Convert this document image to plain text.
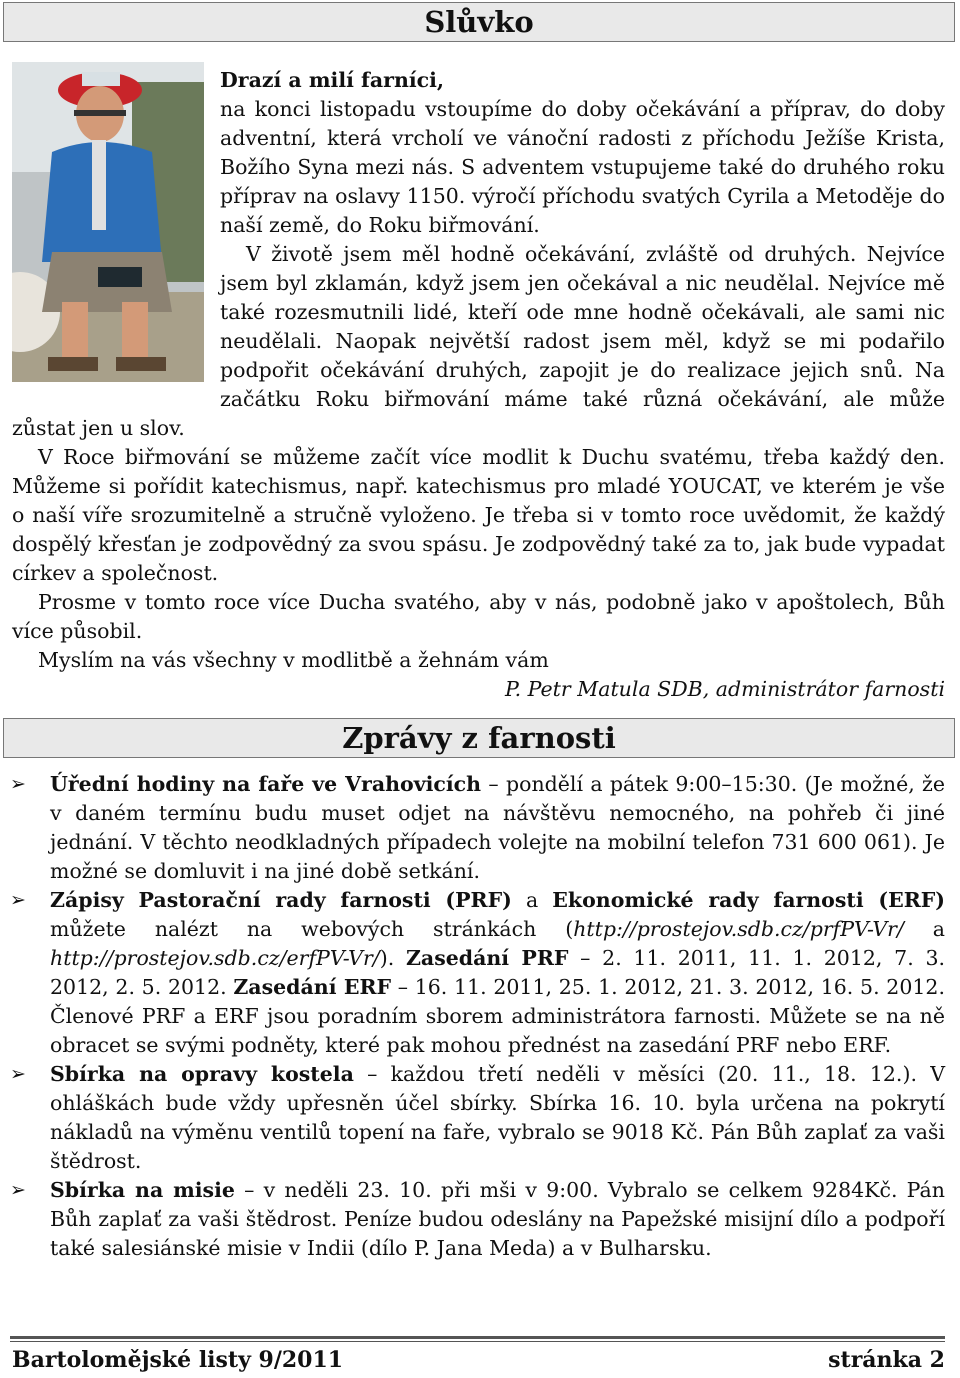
Slůvko

Drazí a milí farníci,

na konci listopadu vstoupíme do doby očekávání a příprav, do doby adventní, která vrcholí ve vánoční radosti z příchodu Ježíše Krista, Božího Syna mezi nás. S adventem vstupujeme také do druhého roku příprav na oslavy 1150. výročí příchodu svatých Cyrila a Metoděje do naší země, do Roku biřmování.

V životě jsem měl hodně očekávání, zvláště od druhých. Nejvíce jsem byl zklamán, když jsem jen očekával a nic neudělal. Nejvíce mě také rozesmutnili lidé, kteří ode mne hodně očekávali, ale sami nic neudělali. Naopak největší radost jsem měl, když se mi podařilo podpořit očekávání druhých, zapojit je do realizace jejich snů. Na začátku Roku biřmování máme také různá očekávání, ale může zůstat jen u slov.

V Roce biřmování se můžeme začít více modlit k Duchu svatému, třeba každý den. Můžeme si pořídit katechismus, např. katechismus pro mladé YOUCAT, ve kterém je vše o naší víře srozumitelně a stručně vyloženo. Je třeba si v tomto roce uvědomit, že každý dospělý křesťan je zodpovědný za svou spásu. Je zodpovědný také za to, jak bude vypadat církev a společnost.

Prosme v tomto roce více Ducha svatého, aby v nás, podobně jako v apoštolech, Bůh více působil.

Myslím na vás všechny v modlitbě a žehnám vám

P. Petr Matula SDB, administrátor farnosti

Zprávy z farnosti
➢ Úřední hodiny na faře ve Vrahovicích – pondělí a pátek 9:00–15:30. (Je možné, že v daném termínu budu muset odjet na návštěvu nemocného, na pohřeb či jiné jednání. V těchto neodkladných případech volejte na mobilní telefon 731 600 061). Je možné se domluvit i na jiné době setkání.
➢ Zápisy Pastorační rady farnosti (PRF) a Ekonomické rady farnosti (ERF) můžete nalézt na webových stránkách (http://prostejov.sdb.cz/prfPV-Vr/ a http://prostejov.sdb.cz/erfPV-Vr/). Zasedání PRF – 2. 11. 2011, 11. 1. 2012, 7. 3. 2012, 2. 5. 2012. Zasedání ERF – 16. 11. 2011, 25. 1. 2012, 21. 3. 2012, 16. 5. 2012. Členové PRF a ERF jsou poradním sborem administrátora farnosti. Můžete se na ně obracet se svými podněty, které pak mohou přednést na zasedání PRF nebo ERF.
➢ Sbírka na opravy kostela – každou třetí neděli v měsíci (20. 11., 18. 12.). V ohláškách bude vždy upřesněn účel sbírky. Sbírka 16. 10. byla určena na pokrytí nákladů na výměnu ventilů topení na faře, vybralo se 9018 Kč. Pán Bůh zaplať za vaši štědrost.
➢ Sbírka na misie – v neděli 23. 10. při mši v 9:00. Vybralo se celkem 9284Kč. Pán Bůh zaplať za vaši štědrost. Peníze budou odeslány na Papežské misijní dílo a podpoří také salesiánské misie v Indii (dílo P. Jana Meda) a v Bulharsku.
Bartolomějské listy 9/2011	stránka 2
